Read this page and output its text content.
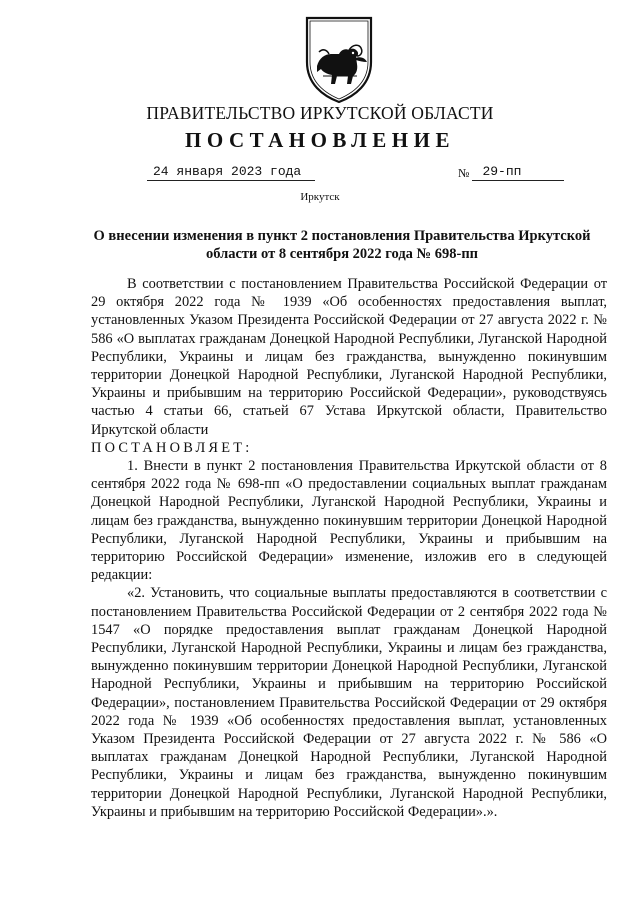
ПРАВИТЕЛЬСТВО ИРКУТСКОЙ ОБЛАСТИ
ПОСТАНОВЛЕНИЕ
24 января 2023 года	№ 29-пп
Иркутск
О внесении изменения в пункт 2 постановления Правительства Иркутской области от 8 сентября 2022 года № 698-пп

В соответствии с постановлением Правительства Российской Федерации от 29 октября 2022 года № 1939 «Об особенностях предоставления выплат, установленных Указом Президента Российской Федерации от 27 августа 2022 г. № 586 «О выплатах гражданам Донецкой Народной Республики, Луганской Народной Республики, Украины и лицам без гражданства, вынужденно покинувшим территории Донецкой Народной Республики, Луганской Народной Республики, Украины и прибывшим на территорию Российской Федерации», руководствуясь частью 4 статьи 66, статьей 67 Устава Иркутской области, Правительство Иркутской области

ПОСТАНОВЛЯЕТ:

1. Внести в пункт 2 постановления Правительства Иркутской области от 8 сентября 2022 года № 698-пп «О предоставлении социальных выплат гражданам Донецкой Народной Республики, Луганской Народной Республики, Украины и лицам без гражданства, вынужденно покинувшим территории Донецкой Народной Республики, Луганской Народной Республики, Украины и прибывшим на территорию Российской Федерации» изменение, изложив его в следующей редакции:

«2. Установить, что социальные выплаты предоставляются в соответствии с постановлением Правительства Российской Федерации от 2 сентября 2022 года № 1547 «О порядке предоставления выплат гражданам Донецкой Народной Республики, Луганской Народной Республики, Украины и лицам без гражданства, вынужденно покинувшим территории Донецкой Народной Республики, Луганской Народной Республики, Украины и прибывшим на территорию Российской Федерации», постановлением Правительства Российской Федерации от 29 октября 2022 года № 1939 «Об особенностях предоставления выплат, установленных Указом Президента Российской Федерации от 27 августа 2022 г. № 586 «О выплатах гражданам Донецкой Народной Республики, Луганской Народной Республики, Украины и лицам без гражданства, вынужденно покинувшим территории Донецкой Народной Республики, Луганской Народной Республики, Украины и прибывшим на территорию Российской Федерации».».
